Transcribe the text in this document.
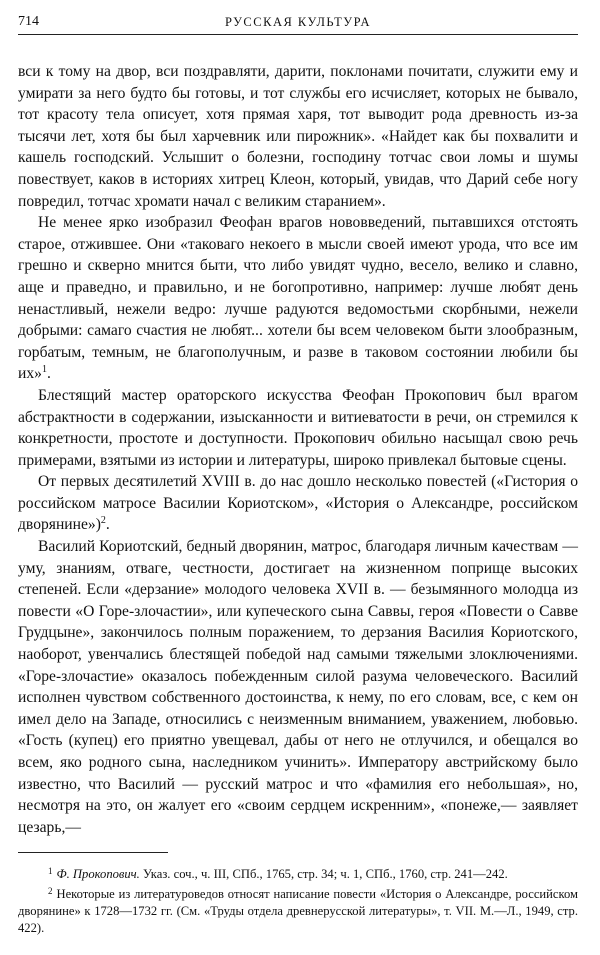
714	РУССКАЯ КУЛЬТУРА

вси к тому на двор, вси поздравляти, дарити, поклонами почитати, служити ему и умирати за него будто бы готовы, и тот службы его исчисляет, которых не бывало, тот красоту тела описует, хотя прямая харя, тот выводит рода древность из-за тысячи лет, хотя бы был харчевник или пирожник». «Найдет как бы похвалити и кашель господский. Услышит о болезни, господину тотчас свои ломы и шумы повествует, каков в историях хитрец Клеон, который, увидав, что Дарий себе ногу повредил, тотчас хромати начал с великим старанием».

Не менее ярко изобразил Феофан врагов нововведений, пытавшихся отстоять старое, отжившее. Они «таковаго некоего в мысли своей имеют урода, что все им грешно и скверно мнится быти, что либо увидят чудно, весело, велико и славно, аще и праведно, и правильно, и не богопротивно, например: лучше любят день ненастливый, нежели ведро: лучше радуются ведомостьми скорбными, нежели добрыми: самаго счастия не любят... хотели бы всем человеком быти злообразным, горбатым, темным, не благополучным, и разве в таковом состоянии любили бы их»$^1$.

Блестящий мастер ораторского искусства Феофан Прокопович был врагом абстрактности в содержании, изысканности и витиеватости в речи, он стремился к конкретности, простоте и доступности. Прокопович обильно насыщал свою речь примерами, взятыми из истории и литературы, широко привлекал бытовые сцены.

От первых десятилетий XVIII в. до нас дошло несколько повестей («Гистория о российском матросе Василии Кориотском», «История о Александре, российском дворянине»)$^2$.

Василий Кориотский, бедный дворянин, матрос, благодаря личным качествам — уму, знаниям, отваге, честности, достигает на жизненном поприще высоких степеней. Если «дерзание» молодого человека XVII в. — безымянного молодца из повести «О Горе-злочастии», или купеческого сына Саввы, героя «Повести о Савве Грудцыне», закончилось полным поражением, то дерзания Василия Кориотского, наоборот, увенчались блестящей победой над самыми тяжелыми злоключениями. «Горе-злочастие» оказалось побежденным силой разума человеческого. Василий исполнен чувством собственного достоинства, к нему, по его словам, все, с кем он имел дело на Западе, относились с неизменным вниманием, уважением, любовью. «Гость (купец) его приятно увещевал, дабы от него не отлучился, и обещался во всем, яко родного сына, наследником учинить». Императору австрийскому было известно, что Василий — русский матрос и что «фамилия его небольшая», но, несмотря на это, он жалует его «своим сердцем искренним», «понеже,— заявляет цезарь,—

$^1$ Ф. Прокопович. Указ. соч., ч. III, СПб., 1765, стр. 34; ч. 1, СПб., 1760, стр. 241—242.

$^2$ Некоторые из литературоведов относят написание повести «История о Александре, российском дворянине» к 1728—1732 гг. (См. «Труды отдела древнерусской литературы», т. VII. М.—Л., 1949, стр. 422).
